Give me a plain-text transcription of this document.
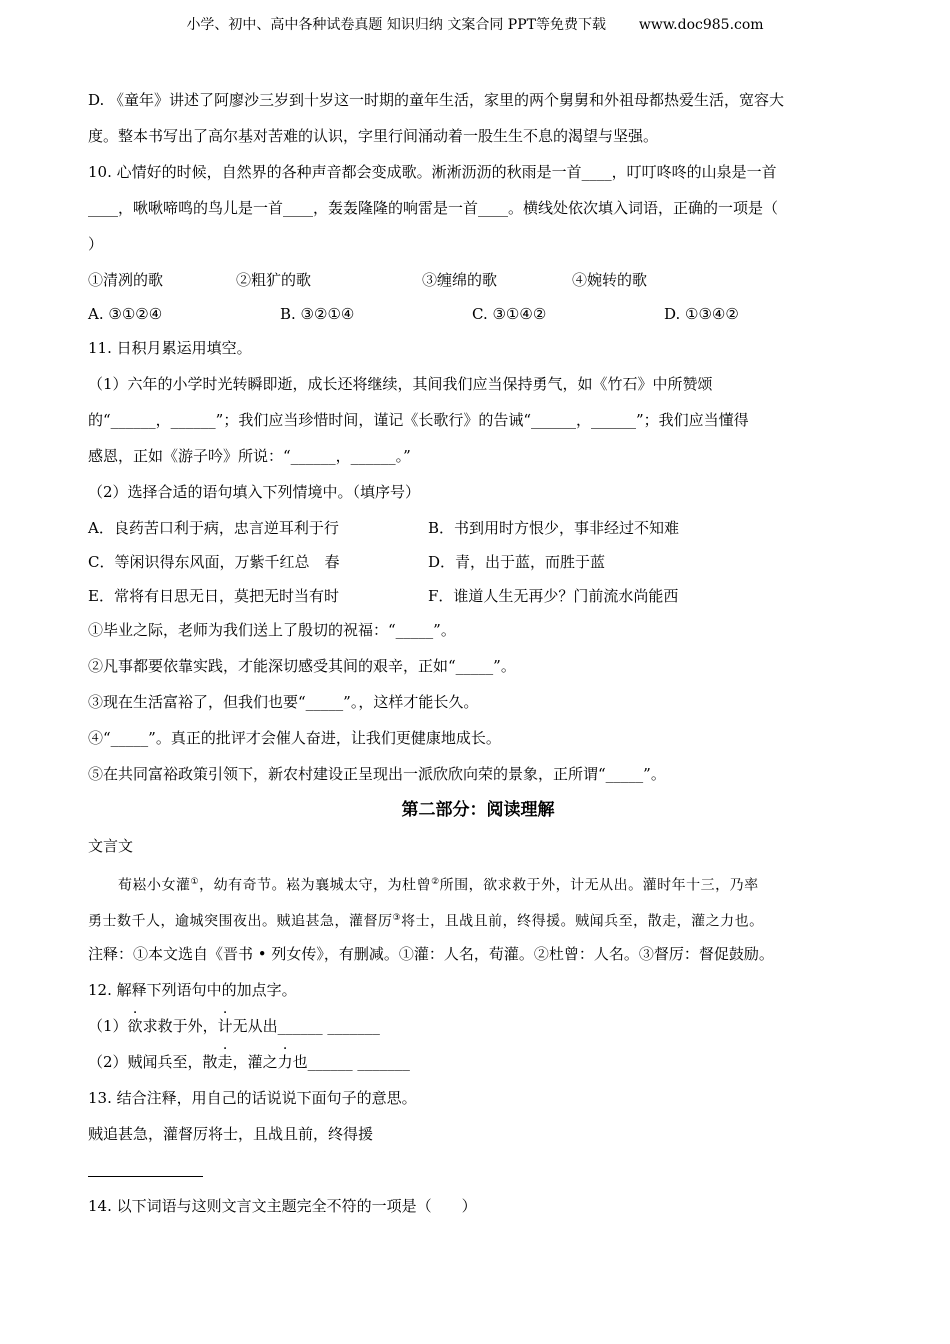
小学、初中、高中各种试卷真题 知识归纳 文案合同 PPT等免费下载 www.doc985.com
D. 《童年》讲述了阿廖沙三岁到十岁这一时期的童年生活，家里的两个舅舅和外祖母都热爱生活，宽容大
度。整本书写出了高尔基对苦难的认识，字里行间涌动着一股生生不息的渴望与坚强。
10. 心情好的时候，自然界的各种声音都会变成歌。淅淅沥沥的秋雨是一首____，叮叮咚咚的山泉是一首
____，啾啾啼鸣的鸟儿是一首____，轰轰隆隆的响雷是一首____。横线处依次填入词语，正确的一项是（
）
①清冽的歌	②粗犷的歌	③缠绵的歌	④婉转的歌
A. ③①②④	B. ③②①④	C. ③①④②	D. ①③④②
11. 日积月累运用填空。
（1）六年的小学时光转瞬即逝，成长还将继续，其间我们应当保持勇气，如《竹石》中所赞颂
的“______，______”；我们应当珍惜时间，谨记《长歌行》的告诫“______，______”；我们应当懂得
感恩，正如《游子吟》所说：“______，______。”
（2）选择合适的语句填入下列情境中。（填序号）
A．良药苦口利于病，忠言逆耳利于行	B．书到用时方恨少，事非经过不知难
C．等闲识得东风面，万紫千红总　春	D．青，出于蓝，而胜于蓝
E．常将有日思无日，莫把无时当有时	F．谁道人生无再少？门前流水尚能西
①毕业之际，老师为我们送上了殷切的祝福：“_____”。
②凡事都要依靠实践，才能深切感受其间的艰辛，正如“_____”。
③现在生活富裕了，但我们也要“_____”。，这样才能长久。
④“_____”。真正的批评才会催人奋进，让我们更健康地成长。
⑤在共同富裕政策引领下，新农村建设正呈现出一派欣欣向荣的景象，正所谓“_____”。
第二部分：阅读理解
文言文
荀崧小女灌①，幼有奇节。崧为襄城太守，为杜曾②所围，欲求救于外，计无从出。灌时年十三，乃率
勇士数千人，逾城突围夜出。贼追甚急，灌督厉③将士，且战且前，终得援。贼闻兵至，散走，灌之力也。
注释：①本文选自《晋书 • 列女传》，有删减。①灌：人名，荀灌。②杜曾：人名。③督厉：督促鼓励。
12. 解释下列语句中的加点字。
（1）欲求救于外，计无从出______ _______
（2）贼闻兵至，散走，灌之力也______ _______
13. 结合注释，用自己的话说说下面句子的意思。
贼追甚急，灌督厉将士，且战且前，终得援
14. 以下词语与这则文言文主题完全不符的一项是（　　）
